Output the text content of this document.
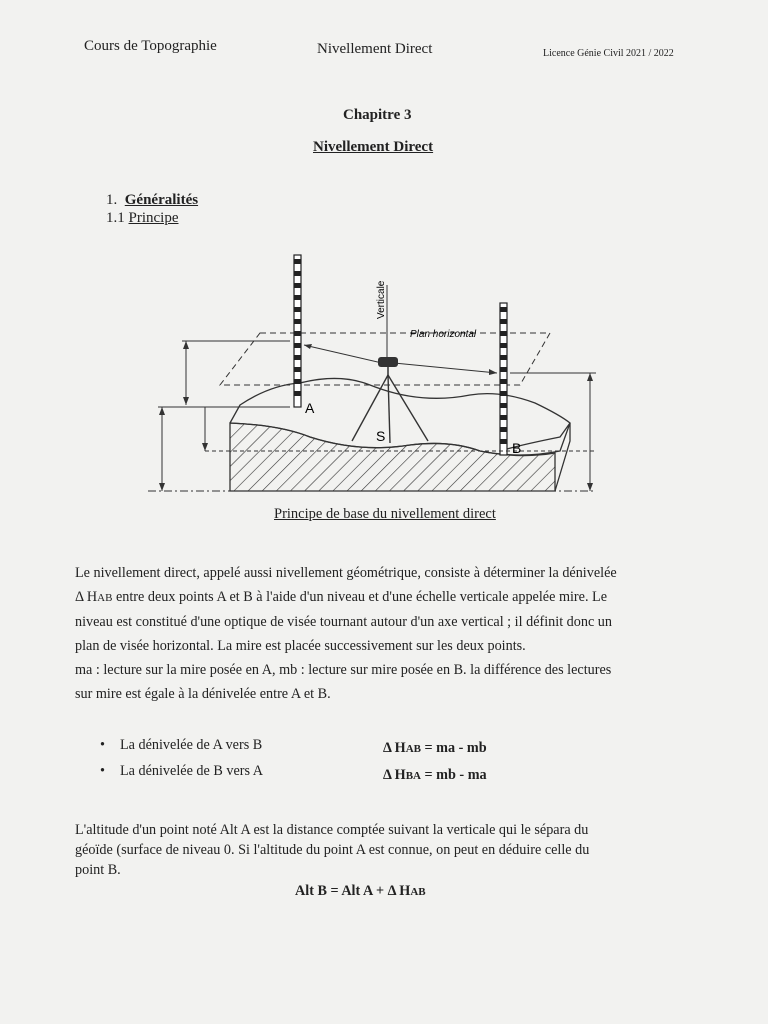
Cours de Topographie	Nivellement Direct	Licence Génie Civil 2021 / 2022
Chapitre 3
Nivellement Direct
1. Généralités
1.1 Principe
Verticale
Plan horizontal
A
B
S
Principe de base du nivellement direct
Le nivellement direct, appelé aussi nivellement géométrique, consiste à déterminer la dénivelée
Δ HAB entre deux points A et B à l'aide d'un niveau et d'une échelle verticale appelée mire. Le
niveau est constitué d'une optique de visée tournant autour d'un axe vertical ; il définit donc un
plan de visée horizontal. La mire est placée successivement sur les deux points.
ma : lecture sur la mire posée en A, mb : lecture sur mire posée en B. la différence des lectures
sur mire est égale à la dénivelée entre A et B.
• La dénivelée de A vers B	Δ HAB = ma - mb
• La dénivelée de B vers A	Δ HBA = mb - ma
L'altitude d'un point noté Alt A est la distance comptée suivant la verticale qui le sépara du
géoïde (surface de niveau 0. Si l'altitude du point A est connue, on peut en déduire celle du
point B.
Alt B = Alt A + Δ HAB
